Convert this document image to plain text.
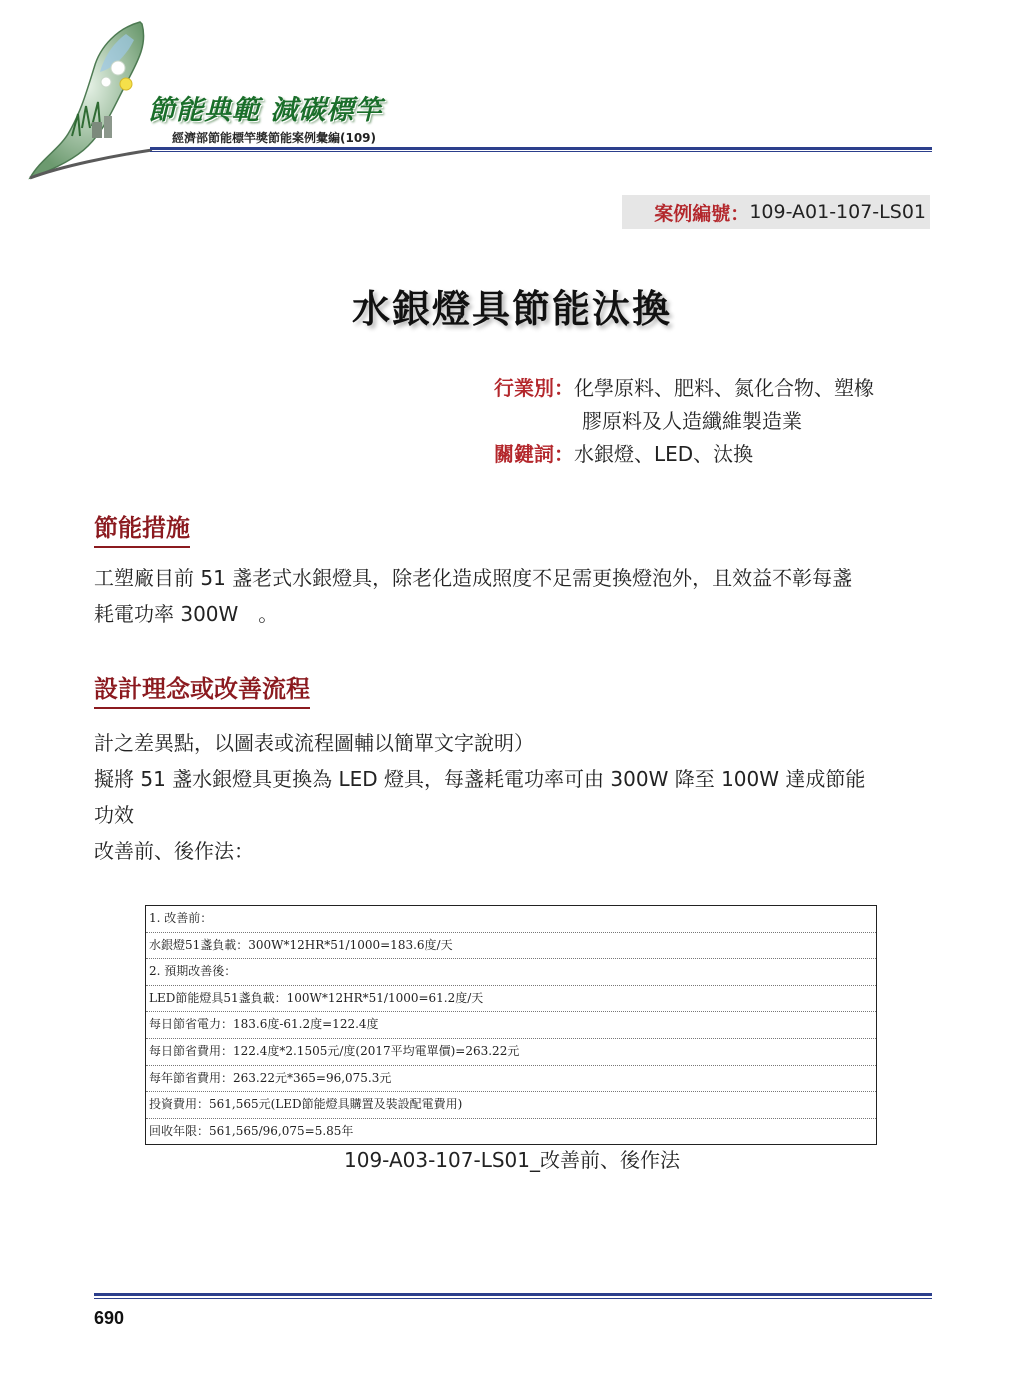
節能典範 減碳標竿
經濟部節能標竿獎節能案例彙編(109)
案例編號： 109-A01-107-LS01
水銀燈具節能汰換
行業別：化學原料、肥料、氮化合物、塑橡
膠原料及人造纖維製造業
關鍵詞：水銀燈、LED、汰換
節能措施
工塑廠目前 51 盞老式水銀燈具，除老化造成照度不足需更換燈泡外，且效益不彰每盞
耗電功率 300W　。
設計理念或改善流程
計之差異點，以圖表或流程圖輔以簡單文字說明）
擬將 51 盞水銀燈具更換為 LED 燈具，每盞耗電功率可由 300W 降至 100W 達成節能
功效
改善前、後作法：
1. 改善前：
水銀燈51盞負載：300W*12HR*51/1000=183.6度/天
2. 預期改善後：
LED節能燈具51盞負載：100W*12HR*51/1000=61.2度/天
每日節省電力：183.6度-61.2度=122.4度
每日節省費用：122.4度*2.1505元/度(2017平均電單價)=263.22元
每年節省費用：263.22元*365=96,075.3元
投資費用：561,565元(LED節能燈具購置及裝設配電費用)
回收年限：561,565/96,075=5.85年
109-A03-107-LS01_改善前、後作法
690
